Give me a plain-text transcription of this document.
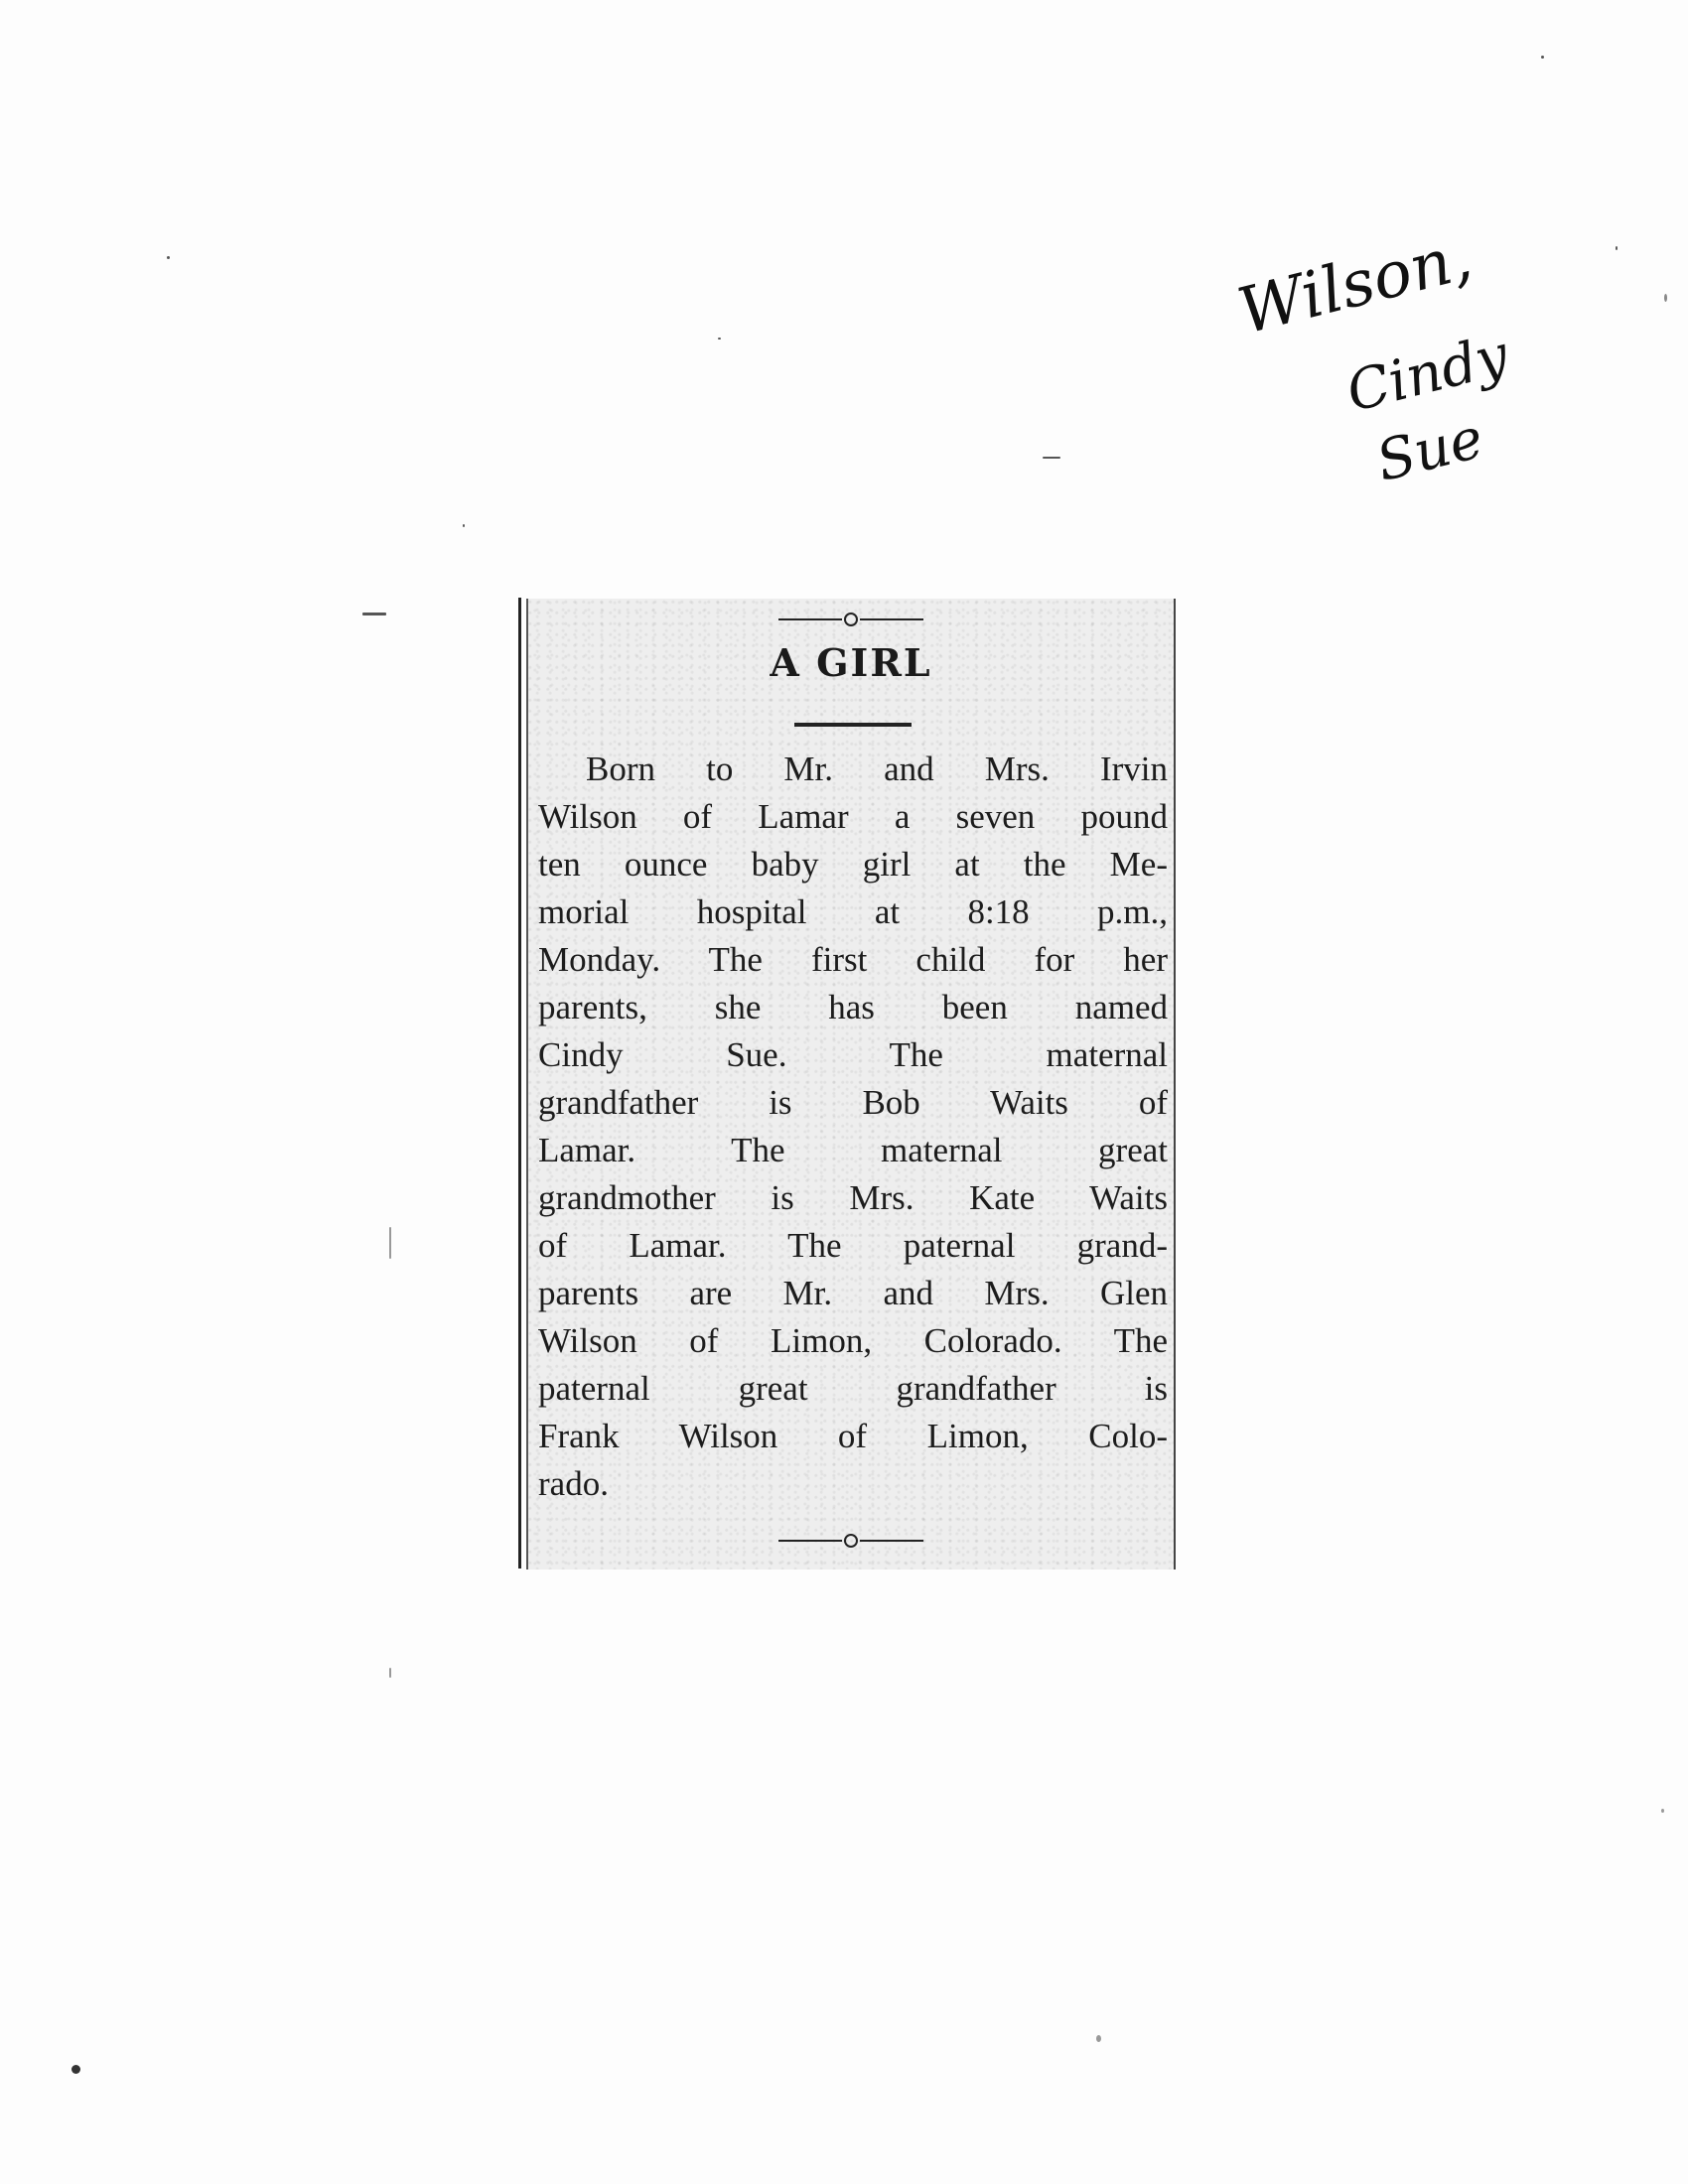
Wilson,
Cindy
Sue
A GIRL
Born to Mr. and Mrs. Irvin
Wilson of Lamar a seven pound
ten ounce baby girl at the Me-
morial hospital at 8:18 p.m.,
Monday. The first child for her
parents, she has been named
Cindy Sue. The maternal
grandfather is Bob Waits of
Lamar. The maternal great
grandmother is Mrs. Kate Waits
of Lamar. The paternal grand-
parents are Mr. and Mrs. Glen
Wilson of Limon, Colorado. The
paternal great grandfather is
Frank Wilson of Limon, Colo-
rado.
